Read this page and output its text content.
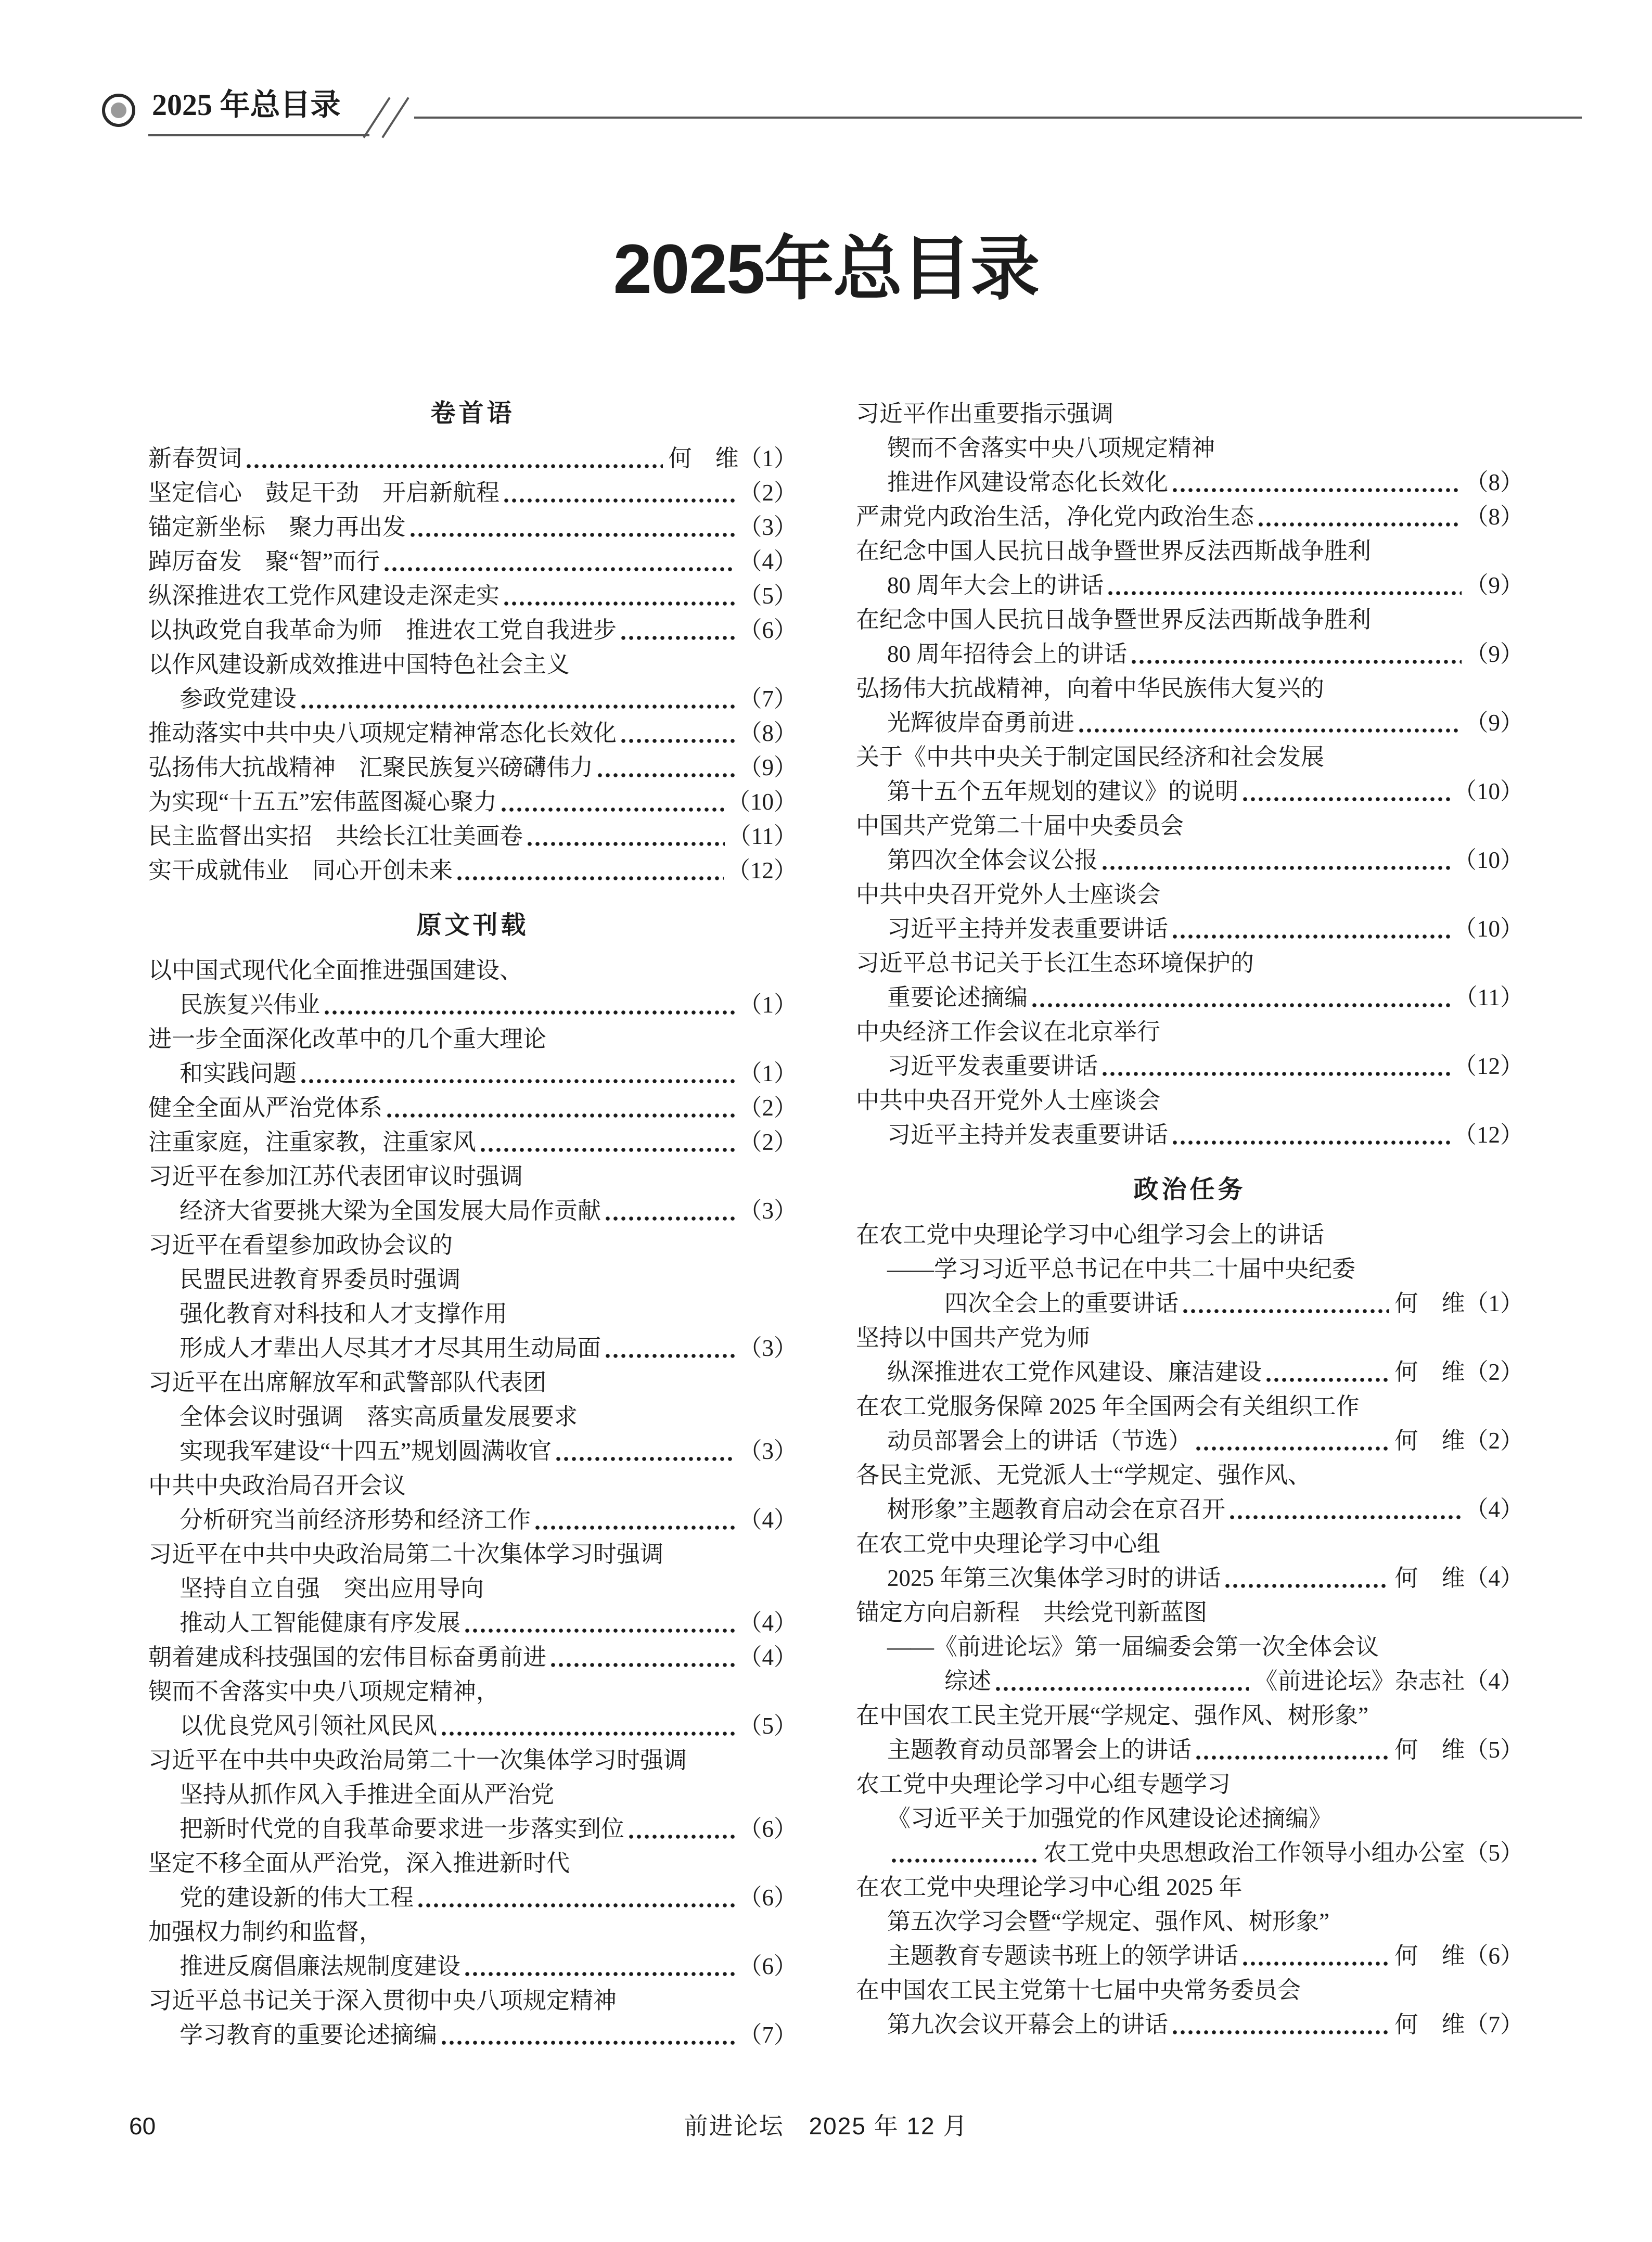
2025 年总目录
2025年总目录
卷首语
新春贺词	何　维 （1）
坚定信心　鼓足干劲　开启新航程	（2）
锚定新坐标　聚力再出发	（3）
踔厉奋发　聚“智”而行	（4）
纵深推进农工党作风建设走深走实	（5）
以执政党自我革命为师　推进农工党自我进步	（6）
以作风建设新成效推进中国特色社会主义
参政党建设	（7）
推动落实中共中央八项规定精神常态化长效化	（8）
弘扬伟大抗战精神　汇聚民族复兴磅礴伟力	（9）
为实现“十五五”宏伟蓝图凝心聚力	（10）
民主监督出实招　共绘长江壮美画卷	（11）
实干成就伟业　同心开创未来	（12）
原文刊载
以中国式现代化全面推进强国建设、
民族复兴伟业	（1）
进一步全面深化改革中的几个重大理论
和实践问题	（1）
健全全面从严治党体系	（2）
注重家庭，注重家教，注重家风	（2）
习近平在参加江苏代表团审议时强调
经济大省要挑大梁为全国发展大局作贡献	（3）
习近平在看望参加政协会议的
民盟民进教育界委员时强调
强化教育对科技和人才支撑作用
形成人才辈出人尽其才才尽其用生动局面	（3）
习近平在出席解放军和武警部队代表团
全体会议时强调　落实高质量发展要求
实现我军建设“十四五”规划圆满收官	（3）
中共中央政治局召开会议
分析研究当前经济形势和经济工作	（4）
习近平在中共中央政治局第二十次集体学习时强调
坚持自立自强　突出应用导向
推动人工智能健康有序发展	（4）
朝着建成科技强国的宏伟目标奋勇前进	（4）
锲而不舍落实中央八项规定精神，
以优良党风引领社风民风	（5）
习近平在中共中央政治局第二十一次集体学习时强调
坚持从抓作风入手推进全面从严治党
把新时代党的自我革命要求进一步落实到位	（6）
坚定不移全面从严治党，深入推进新时代
党的建设新的伟大工程	（6）
加强权力制约和监督，
推进反腐倡廉法规制度建设	（6）
习近平总书记关于深入贯彻中央八项规定精神
学习教育的重要论述摘编	（7）
习近平作出重要指示强调
锲而不舍落实中央八项规定精神
推进作风建设常态化长效化	（8）
严肃党内政治生活，净化党内政治生态	（8）
在纪念中国人民抗日战争暨世界反法西斯战争胜利
80 周年大会上的讲话	（9）
在纪念中国人民抗日战争暨世界反法西斯战争胜利
80 周年招待会上的讲话	（9）
弘扬伟大抗战精神，向着中华民族伟大复兴的
光辉彼岸奋勇前进	（9）
关于《中共中央关于制定国民经济和社会发展
第十五个五年规划的建议》的说明	（10）
中国共产党第二十届中央委员会
第四次全体会议公报	（10）
中共中央召开党外人士座谈会
习近平主持并发表重要讲话	（10）
习近平总书记关于长江生态环境保护的
重要论述摘编	（11）
中央经济工作会议在北京举行
习近平发表重要讲话	（12）
中共中央召开党外人士座谈会
习近平主持并发表重要讲话	（12）
政治任务
在农工党中央理论学习中心组学习会上的讲话
——学习习近平总书记在中共二十届中央纪委
四次全会上的重要讲话	何　维 （1）
坚持以中国共产党为师
纵深推进农工党作风建设、廉洁建设	何　维 （2）
在农工党服务保障 2025 年全国两会有关组织工作
动员部署会上的讲话（节选）	何　维 （2）
各民主党派、无党派人士“学规定、强作风、
树形象”主题教育启动会在京召开	（4）
在农工党中央理论学习中心组
2025 年第三次集体学习时的讲话	何　维 （4）
锚定方向启新程　共绘党刊新蓝图
——《前进论坛》第一届编委会第一次全体会议
综述	《前进论坛》杂志社 （4）
在中国农工民主党开展“学规定、强作风、树形象”
主题教育动员部署会上的讲话	何　维 （5）
农工党中央理论学习中心组专题学习
《习近平关于加强党的作风建设论述摘编》
农工党中央思想政治工作领导小组办公室 （5）
在农工党中央理论学习中心组 2025 年
第五次学习会暨“学规定、强作风、树形象”
主题教育专题读书班上的领学讲话	何　维 （6）
在中国农工民主党第十七届中央常务委员会
第九次会议开幕会上的讲话	何　维 （7）
60	前进论坛　2025 年 12 月
